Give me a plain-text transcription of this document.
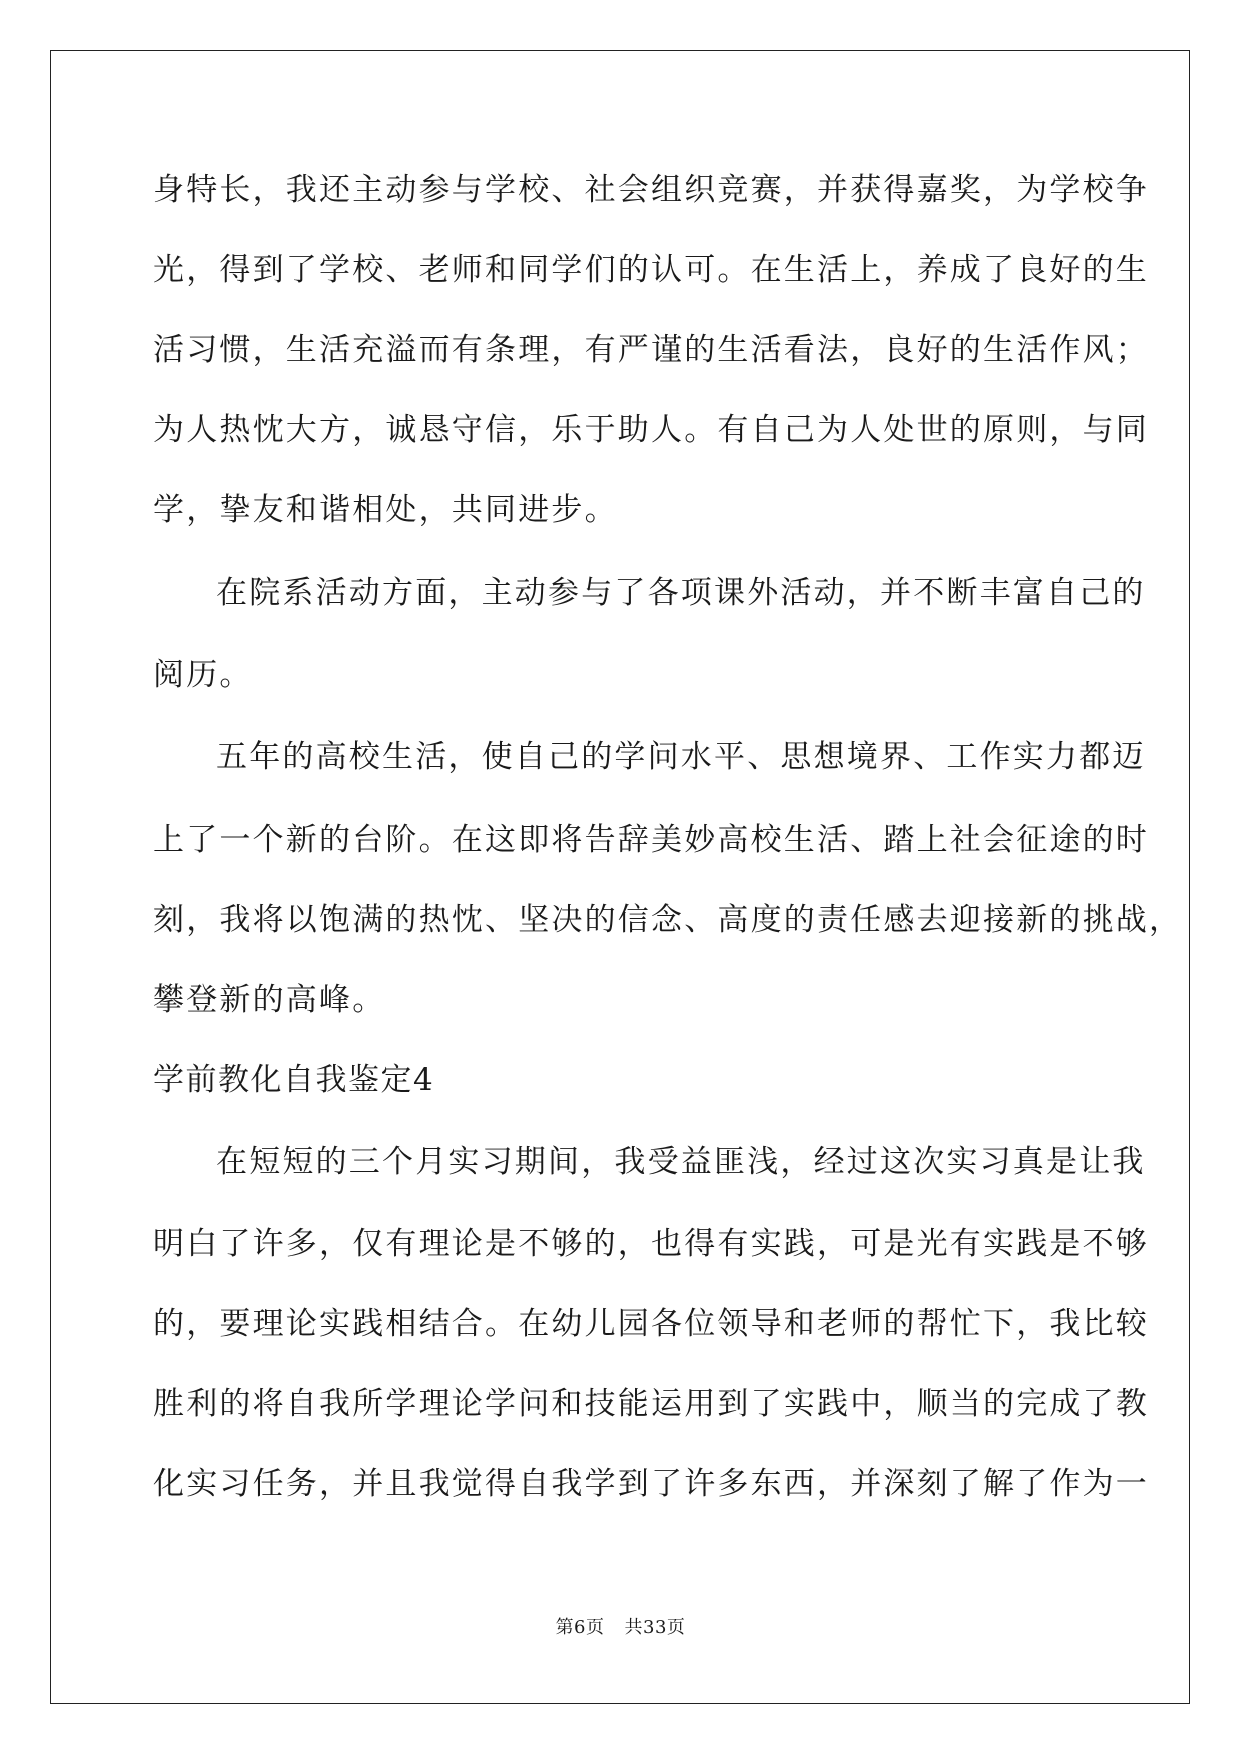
身特长，我还主动参与学校、社会组织竞赛，并获得嘉奖，为学校争
光，得到了学校、老师和同学们的认可。在生活上，养成了良好的生
活习惯，生活充溢而有条理，有严谨的生活看法，良好的生活作风；
为人热忱大方，诚恳守信，乐于助人。有自己为人处世的原则，与同
学，挚友和谐相处，共同进步。
在院系活动方面，主动参与了各项课外活动，并不断丰富自己的
阅历。
五年的高校生活，使自己的学问水平、思想境界、工作实力都迈
上了一个新的台阶。在这即将告辞美妙高校生活、踏上社会征途的时
刻，我将以饱满的热忱、坚决的信念、高度的责任感去迎接新的挑战，
攀登新的高峰。
学前教化自我鉴定4
在短短的三个月实习期间，我受益匪浅，经过这次实习真是让我
明白了许多，仅有理论是不够的，也得有实践，可是光有实践是不够
的，要理论实践相结合。在幼儿园各位领导和老师的帮忙下，我比较
胜利的将自我所学理论学问和技能运用到了实践中，顺当的完成了教
化实习任务，并且我觉得自我学到了许多东西，并深刻了解了作为一
第6页 共33页
